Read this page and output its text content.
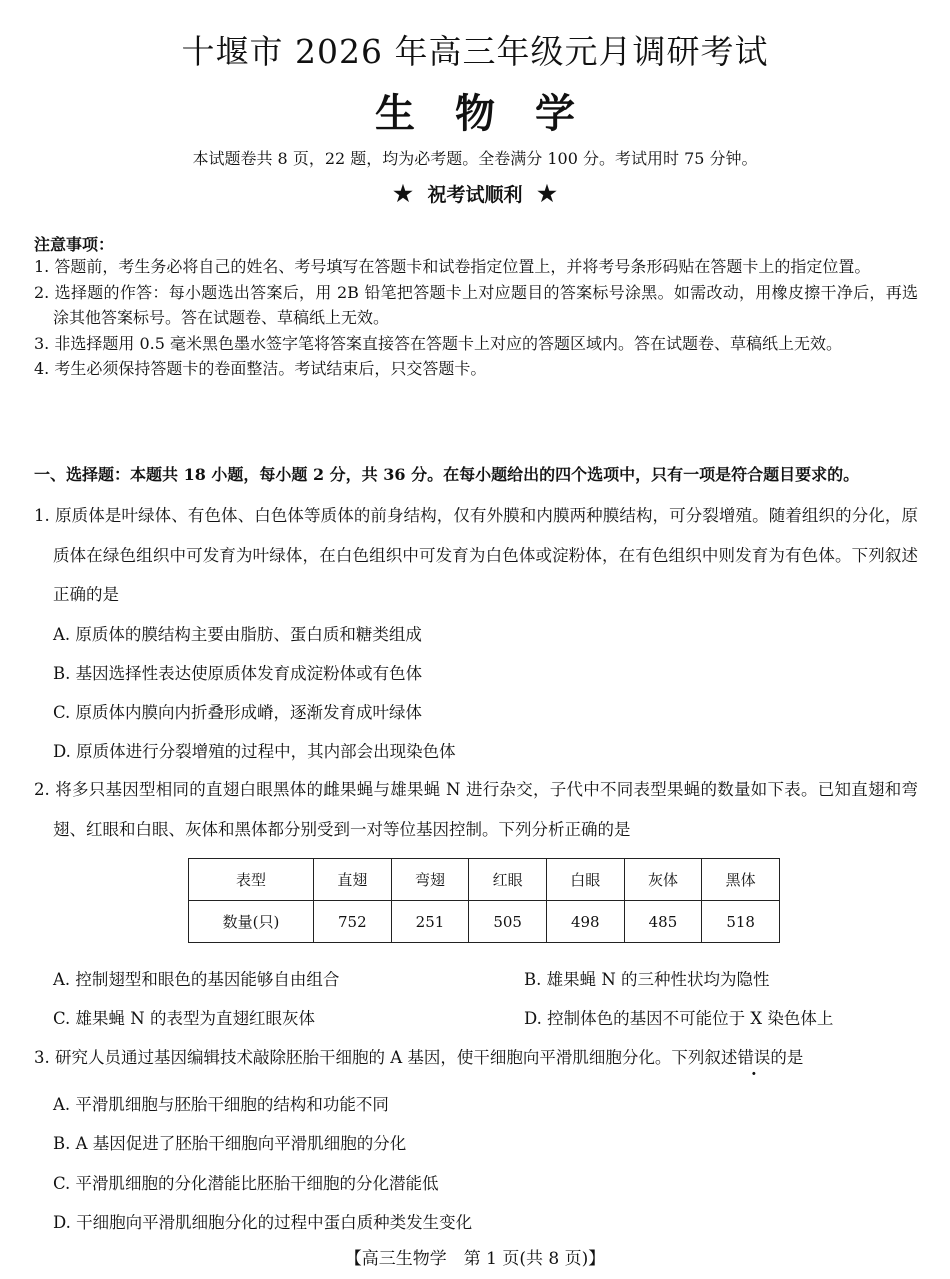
十堰市 2026 年高三年级元月调研考试
生物学
本试题卷共 8 页，22 题，均为必考题。全卷满分 100 分。考试用时 75 分钟。
★ 祝考试顺利 ★
注意事项：
1. 答题前，考生务必将自己的姓名、考号填写在答题卡和试卷指定位置上，并将考号条形码贴在答题卡上的指定位置。
2. 选择题的作答：每小题选出答案后，用 2B 铅笔把答题卡上对应题目的答案标号涂黑。如需改动，用橡皮擦干净后，再选涂其他答案标号。答在试题卷、草稿纸上无效。
3. 非选择题用 0.5 毫米黑色墨水签字笔将答案直接答在答题卡上对应的答题区域内。答在试题卷、草稿纸上无效。
4. 考生必须保持答题卡的卷面整洁。考试结束后，只交答题卡。
一、选择题：本题共 18 小题，每小题 2 分，共 36 分。在每小题给出的四个选项中，只有一项是符合题目要求的。
1. 原质体是叶绿体、有色体、白色体等质体的前身结构，仅有外膜和内膜两种膜结构，可分裂增殖。随着组织的分化，原质体在绿色组织中可发育为叶绿体，在白色组织中可发育为白色体或淀粉体，在有色组织中则发育为有色体。下列叙述正确的是
A. 原质体的膜结构主要由脂肪、蛋白质和糖类组成
B. 基因选择性表达使原质体发育成淀粉体或有色体
C. 原质体内膜向内折叠形成嵴，逐渐发育成叶绿体
D. 原质体进行分裂增殖的过程中，其内部会出现染色体
2. 将多只基因型相同的直翅白眼黑体的雌果蝇与雄果蝇 N 进行杂交，子代中不同表型果蝇的数量如下表。已知直翅和弯翅、红眼和白眼、灰体和黑体都分别受到一对等位基因控制。下列分析正确的是
表型	直翅	弯翅	红眼	白眼	灰体	黑体
数量(只)	752	251	505	498	485	518
A. 控制翅型和眼色的基因能够自由组合	B. 雄果蝇 N 的三种性状均为隐性
C. 雄果蝇 N 的表型为直翅红眼灰体	D. 控制体色的基因不可能位于 X 染色体上
3. 研究人员通过基因编辑技术敲除胚胎干细胞的 A 基因，使干细胞向平滑肌细胞分化。下列叙述错误的是
A. 平滑肌细胞与胚胎干细胞的结构和功能不同
B. A 基因促进了胚胎干细胞向平滑肌细胞的分化
C. 平滑肌细胞的分化潜能比胚胎干细胞的分化潜能低
D. 干细胞向平滑肌细胞分化的过程中蛋白质种类发生变化
【高三生物学　第 1 页(共 8 页)】
